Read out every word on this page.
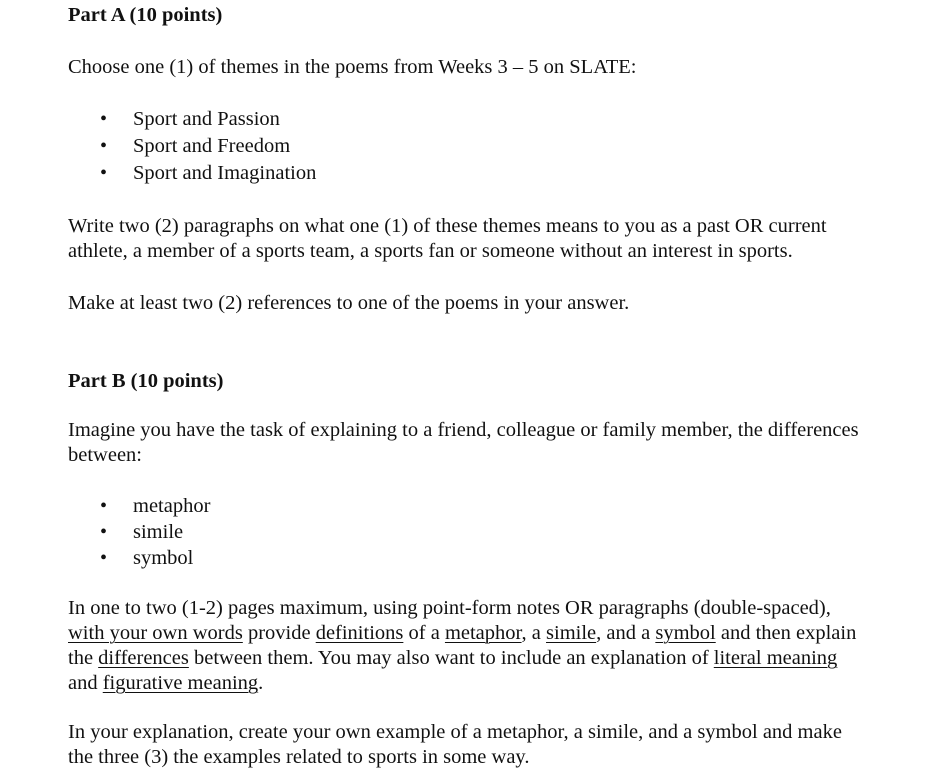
Part A (10 points)

Choose one (1) of themes in the poems from Weeks 3 – 5 on SLATE:

• Sport and Passion
• Sport and Freedom
• Sport and Imagination

Write two (2) paragraphs on what one (1) of these themes means to you as a past OR current
athlete, a member of a sports team, a sports fan or someone without an interest in sports.

Make at least two (2) references to one of the poems in your answer.

Part B (10 points)

Imagine you have the task of explaining to a friend, colleague or family member, the differences
between:

• metaphor
• simile
• symbol

In one to two (1-2) pages maximum, using point-form notes OR paragraphs (double-spaced),
with your own words provide definitions of a metaphor, a simile, and a symbol and then explain
the differences between them. You may also want to include an explanation of literal meaning
and figurative meaning.

In your explanation, create your own example of a metaphor, a simile, and a symbol and make
the three (3) the examples related to sports in some way.
